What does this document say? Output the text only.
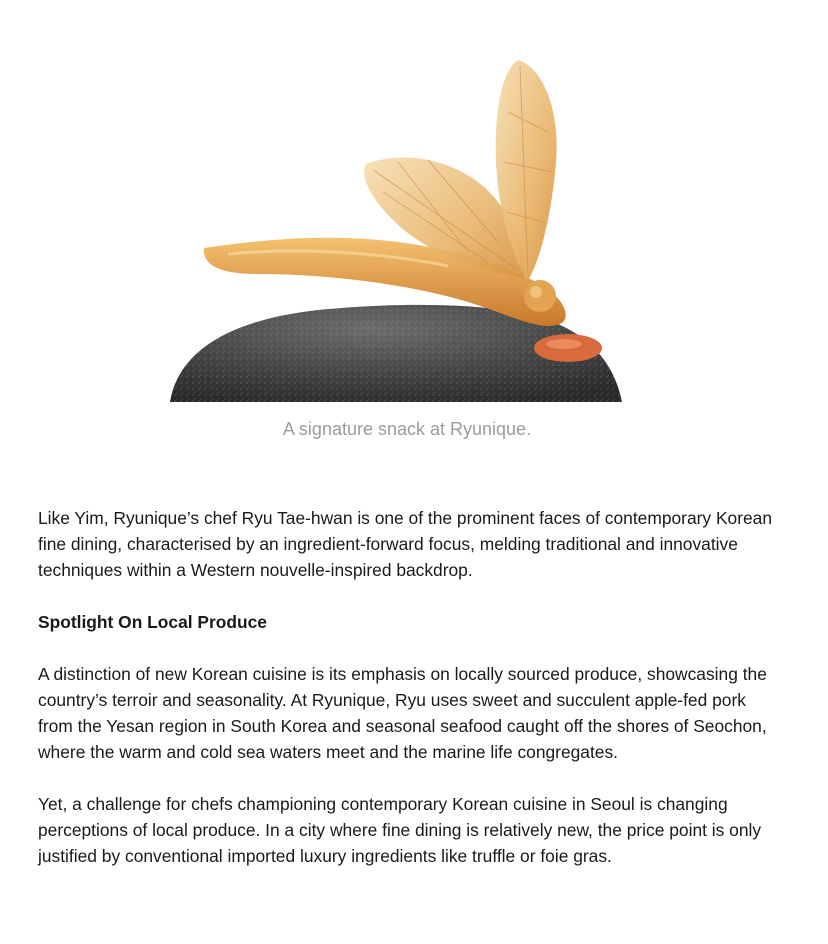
A signature snack at Ryunique.

Like Yim, Ryunique’s chef Ryu Tae-hwan is one of the prominent faces of contemporary Korean fine dining, characterised by an ingredient-forward focus, melding traditional and innovative techniques within a Western nouvelle-inspired backdrop.

Spotlight On Local Produce

A distinction of new Korean cuisine is its emphasis on locally sourced produce, showcasing the country’s terroir and seasonality. At Ryunique, Ryu uses sweet and succulent apple-fed pork from the Yesan region in South Korea and seasonal seafood caught off the shores of Seochon, where the warm and cold sea waters meet and the marine life congregates.

Yet, a challenge for chefs championing contemporary Korean cuisine in Seoul is changing perceptions of local produce. In a city where fine dining is relatively new, the price point is only justified by conventional imported luxury ingredients like truffle or foie gras.
